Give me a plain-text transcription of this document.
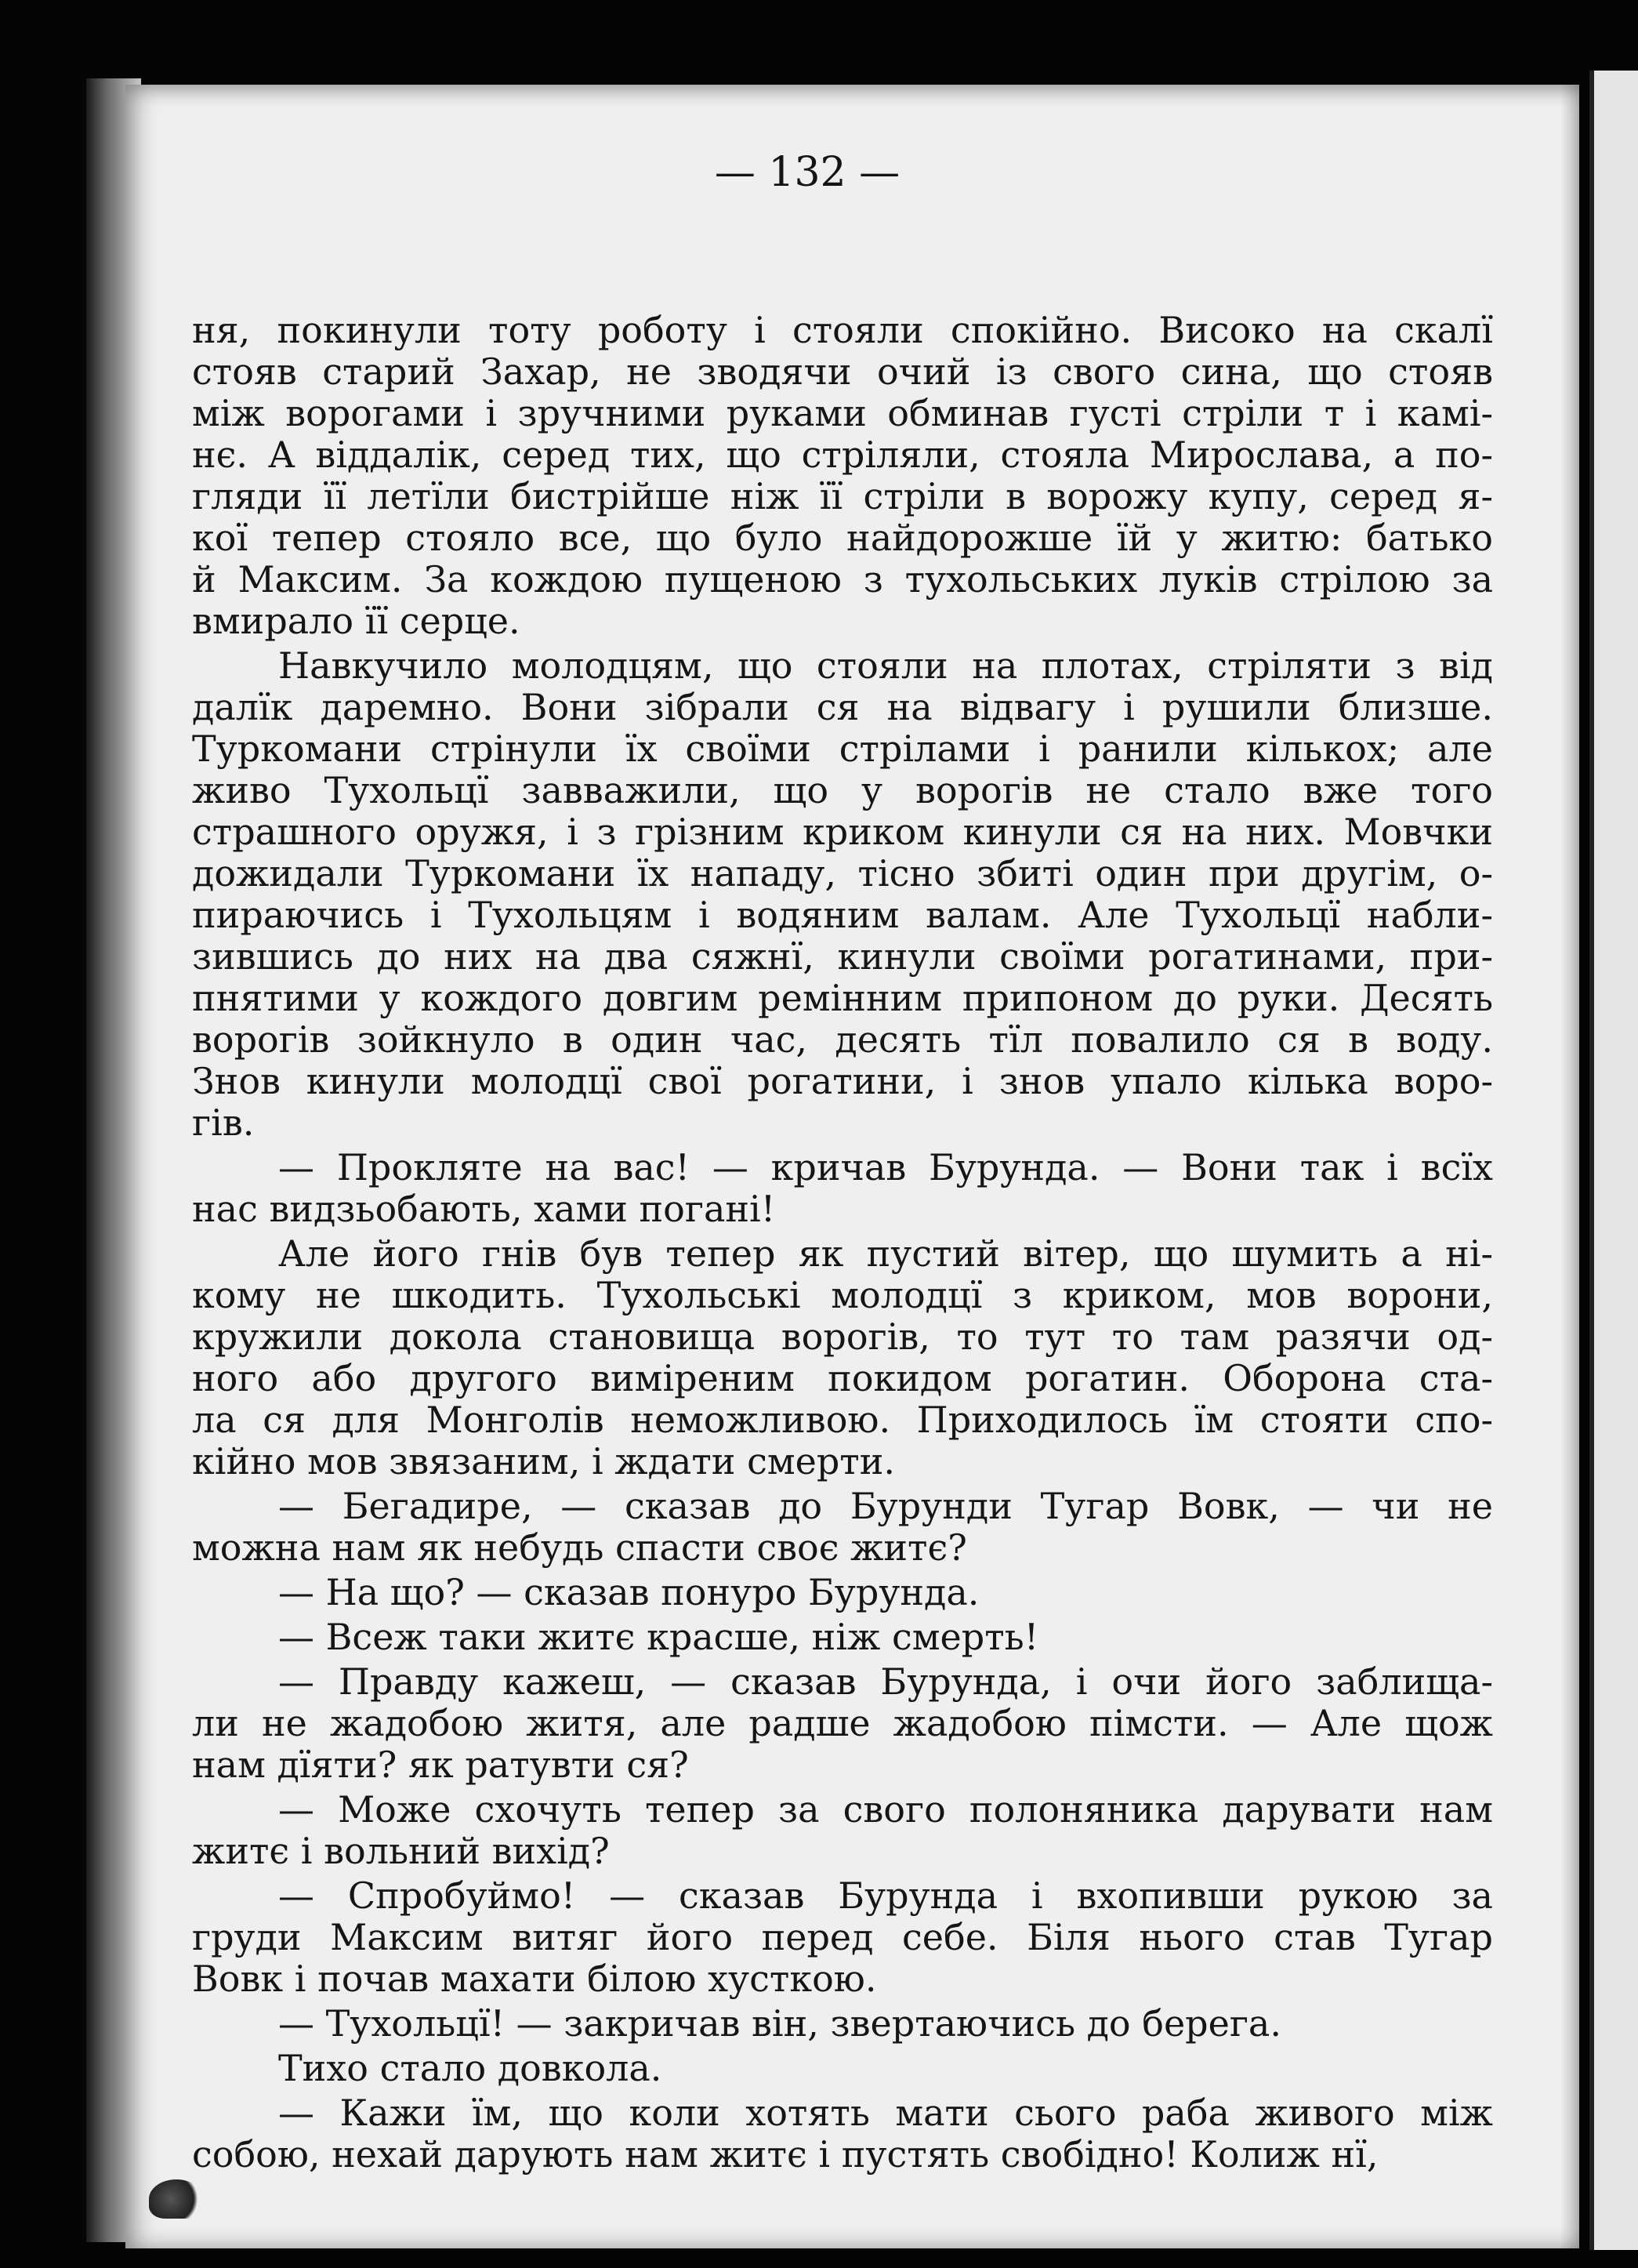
— 132 —
ня, покинули тоту роботу і стояли спокійно. Високо на скалї
стояв старий Захар, не зводячи очий із свого сина, що стояв
між ворогами і зручними руками обминав густі стріли т і камі-
нє. А віддалік, серед тих, що стріляли, стояла Мирослава, а по-
гляди її летїли бистрійше ніж її стріли в ворожу купу, серед я-
кої тепер стояло все, що було найдорожше їй у житю: батько
й Максим. За кождою пущеною з тухольських луків стрілою за
вмирало її серце.
Навкучило молодцям, що стояли на плотах, стріляти з від
далїк даремно. Вони зібрали ся на відвагу і рушили близше.
Туркомани стрінули їх своїми стрілами і ранили кількох; але
живо Тухольцї завважили, що у ворогів не стало вже того
страшного оружя, і з грізним криком кинули ся на них. Мовчки
дожидали Туркомани їх нападу, тісно збиті один при другім, о-
пираючись і Тухольцям і водяним валам. Але Тухольцї набли-
зившись до них на два сяжнї, кинули своїми рогатинами, при-
пнятими у кождого довгим ремінним припоном до руки. Десять
ворогів зойкнуло в один час, десять тїл повалило ся в воду.
Знов кинули молодцї свої рогатини, і знов упало кілька воро-
гів.
— Прокляте на вас! — кричав Бурунда. — Вони так і всїх
нас видзьобають, хами погані!
Але його гнів був тепер як пустий вітер, що шумить а ні-
кому не шкодить. Тухольські молодцї з криком, мов ворони,
кружили докола становища ворогів, то тут то там разячи од-
ного або другого виміреним покидом рогатин. Оборона ста-
ла ся для Монголів неможливою. Приходилось їм стояти спо-
кійно мов звязаним, і ждати смерти.
— Бегадире, — сказав до Бурунди Тугар Вовк, — чи не
можна нам як небудь спасти своє житє?
— На що? — сказав понуро Бурунда.
— Всеж таки житє красше, ніж смерть!
— Правду кажеш, — сказав Бурунда, і очи його заблища-
ли не жадобою житя, але радше жадобою пімсти. — Але щож
нам дїяти? як ратувти ся?
— Може схочуть тепер за свого полоняника дарувати нам
житє і вольний вихід?
— Спробуймо! — сказав Бурунда і вхопивши рукою за
груди Максим витяг його перед себе. Біля нього став Тугар
Вовк і почав махати білою хусткою.
— Тухольцї! — закричав він, звертаючись до берега.
Тихо стало довкола.
— Кажи їм, що коли хотять мати сього раба живого між
собою, нехай дарують нам житє і пустять свобідно! Колиж нї,
